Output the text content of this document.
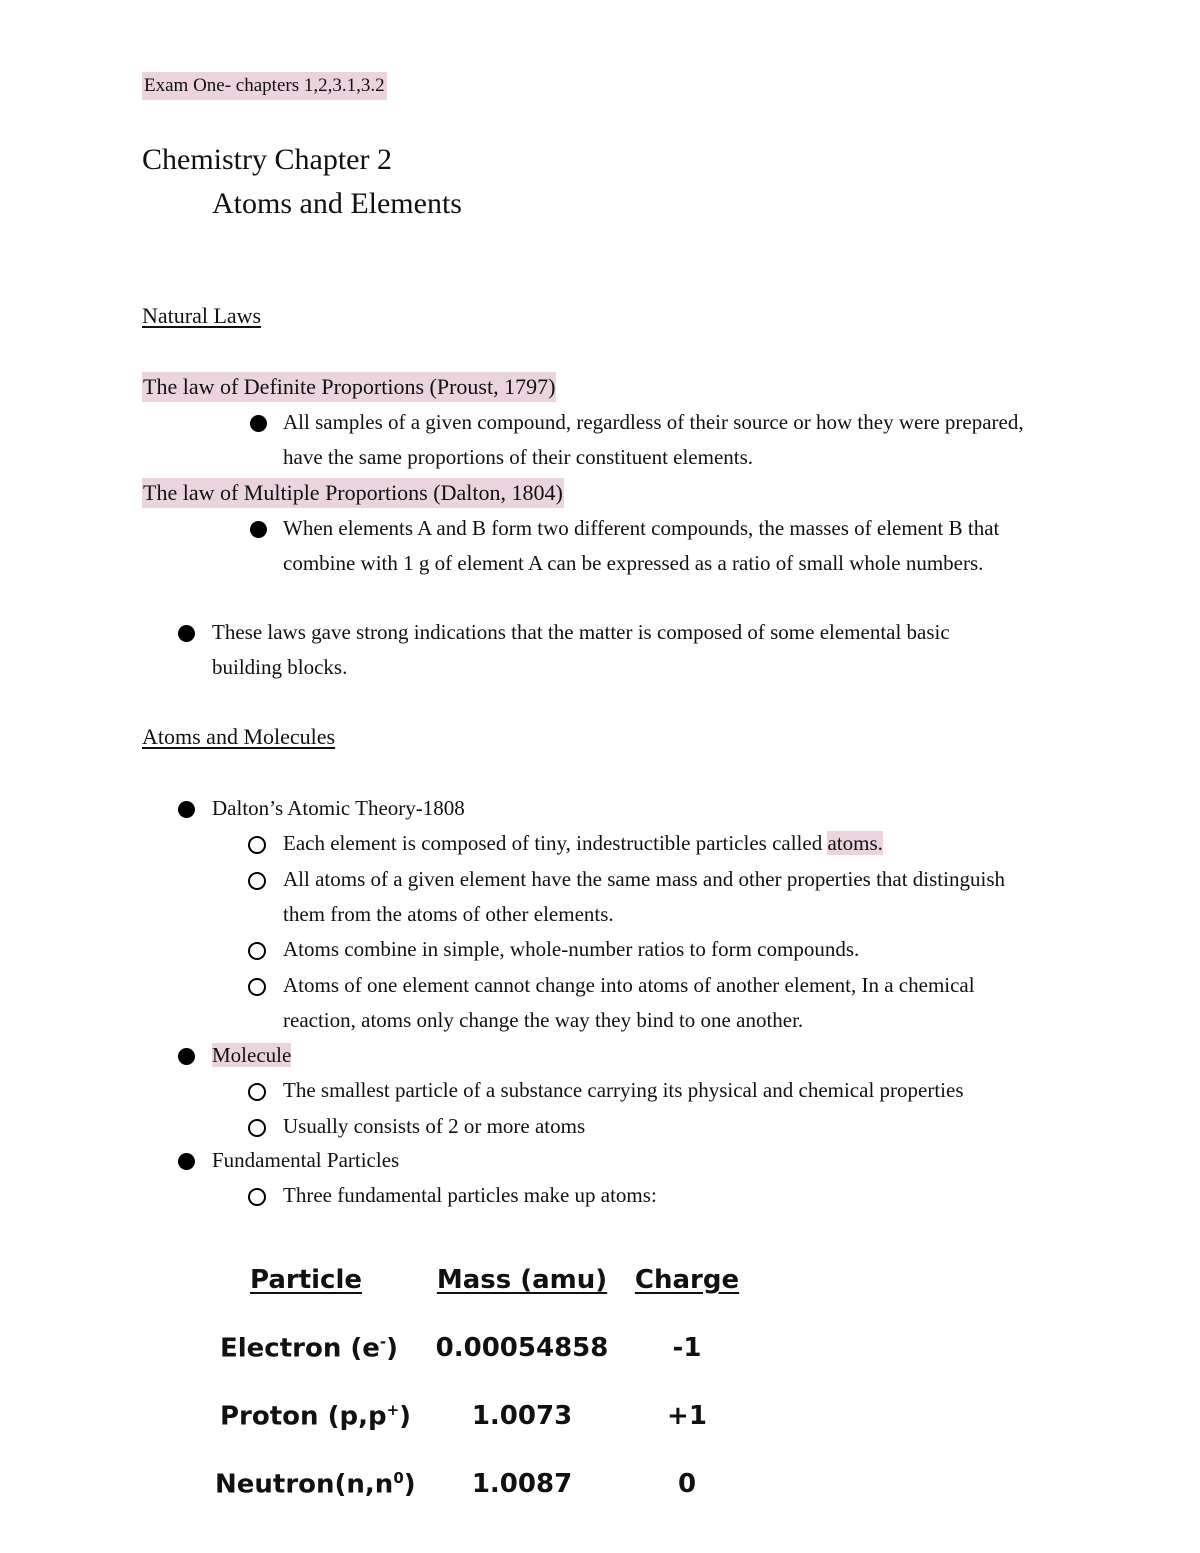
Exam One- chapters 1,2,3.1,3.2
Chemistry Chapter 2
Atoms and Elements
Natural Laws
The law of Definite Proportions (Proust, 1797)
All samples of a given compound, regardless of their source or how they were prepared,
have the same proportions of their constituent elements.
The law of Multiple Proportions (Dalton, 1804)
When elements A and B form two different compounds, the masses of element B that
combine with 1 g of element A can be expressed as a ratio of small whole numbers.
These laws gave strong indications that the matter is composed of some elemental basic
building blocks.
Atoms and Molecules
Dalton’s Atomic Theory-1808
Each element is composed of tiny, indestructible particles called atoms.
All atoms of a given element have the same mass and other properties that distinguish
them from the atoms of other elements.
Atoms combine in simple, whole-number ratios to form compounds.
Atoms of one element cannot change into atoms of another element, In a chemical
reaction, atoms only change the way they bind to one another.
Molecule
The smallest particle of a substance carrying its physical and chemical properties
Usually consists of 2 or more atoms
Fundamental Particles
Three fundamental particles make up atoms:
Particle	Mass (amu) Charge
Electron (e-)	0.00054858	-1
Proton (p,p+)	1.0073	+1
$Neutron(n,n^0)$	1.0087	0
